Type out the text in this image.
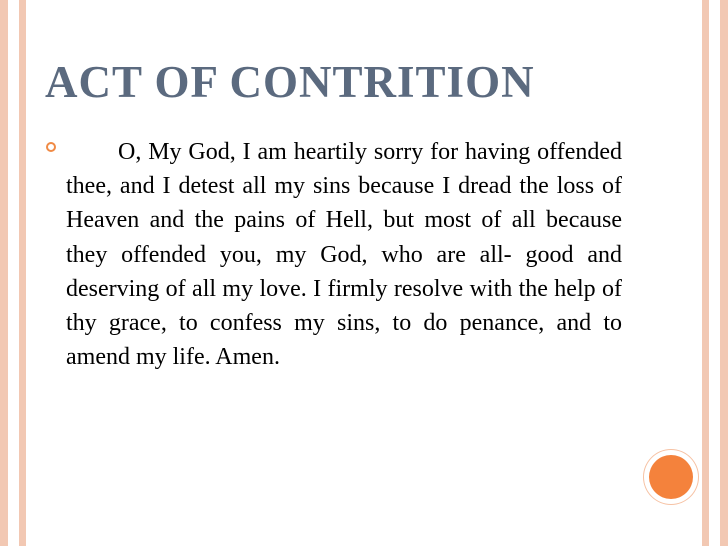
ACT OF CONTRITION

O, My God, I am heartily sorry for having offended thee, and I detest all my sins because I dread the loss of Heaven and the pains of Hell, but most of all because they offended you, my God, who are all- good and deserving of all my love. I firmly resolve with the help of thy grace, to confess my sins, to do penance, and to amend my life. Amen.
